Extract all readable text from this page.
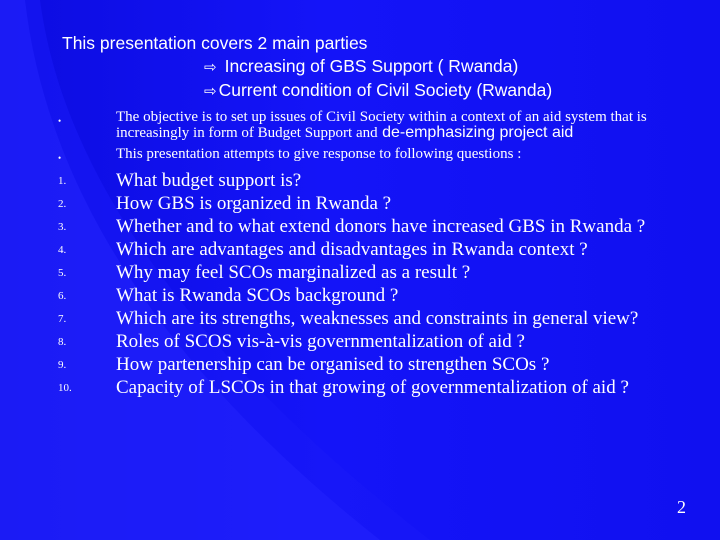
This presentation covers 2 main parties
⇨ Increasing of GBS Support ( Rwanda)
⇨ Current condition of Civil Society (Rwanda)
•	The objective is to set up issues of Civil Society within a context of an aid system that is increasingly in form of Budget Support and de-emphasizing project aid
•	This presentation attempts to give response to following questions :
1.	What budget support is?
2.	How GBS is organized in Rwanda ?
3.	Whether and to what extend donors have increased GBS in Rwanda ?
4.	Which are advantages and disadvantages in Rwanda context ?
5.	Why may feel SCOs marginalized as a result ?
6.	What is Rwanda SCOs background ?
7.	Which are its strengths, weaknesses and constraints in general view?
8.	Roles of SCOS vis-à-vis governmentalization of aid ?
9.	How partenership can be organised to strengthen SCOs ?
10.	Capacity of LSCOs in that growing of governmentalization of aid ?
2
